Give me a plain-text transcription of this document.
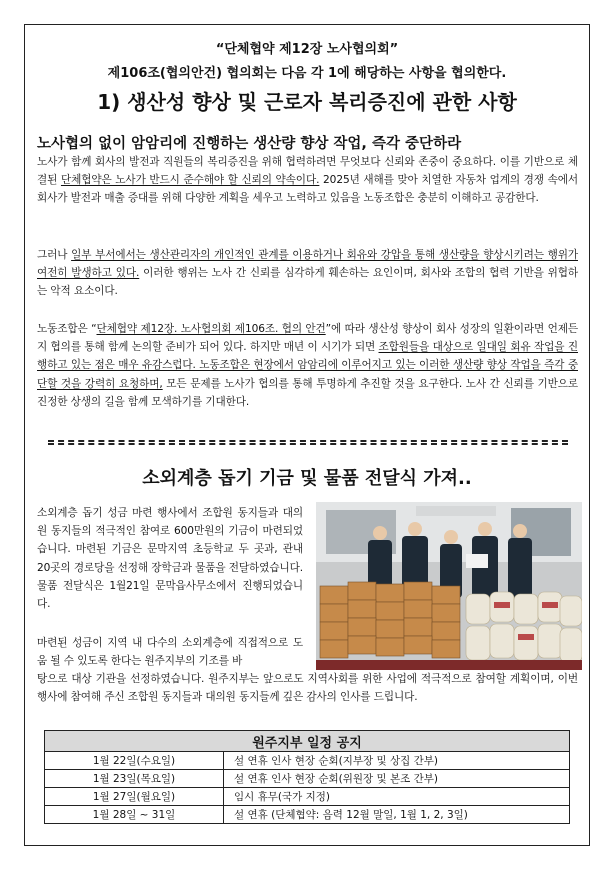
“단체협약 제12장 노사협의회”
제106조(협의안건) 협의회는 다음 각 1에 해당하는 사항을 협의한다.
1) 생산성 향상 및 근로자 복리증진에 관한 사항
노사협의 없이 암암리에 진행하는 생산량 향상 작업, 즉각 중단하라
노사가 함께 회사의 발전과 직원들의 복리증진을 위해 협력하려면 무엇보다 신뢰와 존중이 중요하다. 이를 기반으로 체결된 단체협약은 노사가 반드시 준수해야 할 신뢰의 약속이다. 2025년 새해를 맞아 치열한 자동차 업계의 경쟁 속에서 회사가 발전과 매출 증대를 위해 다양한 계획을 세우고 노력하고 있음을 노동조합은 충분히 이해하고 공감한다.
그러나 일부 부서에서는 생산관리자의 개인적인 관계를 이용하거나 회유와 강압을 통해 생산량을 향상시키려는 행위가 여전히 발생하고 있다. 이러한 행위는 노사 간 신뢰를 심각하게 훼손하는 요인이며, 회사와 조합의 협력 기반을 위협하는 악적 요소이다.
노동조합은 “단체협약 제12장. 노사협의회 제106조. 협의 안건”에 따라 생산성 향상이 회사 성장의 일환이라면 언제든지 협의를 통해 함께 논의할 준비가 되어 있다. 하지만 매년 이 시기가 되면 조합원들을 대상으로 일대일 회유 작업을 진행하고 있는 점은 매우 유감스럽다. 노동조합은 현장에서 암암리에 이루어지고 있는 이러한 생산량 향상 작업을 즉각 중단할 것을 강력히 요청하며, 모든 문제를 노사가 협의를 통해 투명하게 추진할 것을 요구한다. 노사 간 신뢰를 기반으로 진정한 상생의 길을 함께 모색하기를 기대한다.
소외계층 돕기 기금 및 물품 전달식 가져..
소외계층 돕기 성금 마련 행사에서 조합원 동지들과 대의원 동지들의 적극적인 참여로 600만원의 기금이 마련되었습니다. 마련된 기금은 문막지역 초등학교 두 곳과, 관내 20곳의 경로당을 선정해 장학금과 물품을 전달하였습니다. 물품 전달식은 1월21일 문막읍사무소에서 진행되었습니다.
마련된 성금이 지역 내 다수의 소외계층에 직접적으로 도움 될 수 있도록 한다는 원주지부의 기조를 바
탕으로 대상 기관을 선정하였습니다. 원주지부는 앞으로도 지역사회를 위한 사업에 적극적으로 참여할 계획이며, 이번 행사에 참여해 주신 조합원 동지들과 대의원 동지들께 깊은 감사의 인사를 드립니다.
원주지부 일정 공지	
1월 22일(수요일)	설 연휴 인사 현장 순회(지부장 및 상집 간부)
1월 23일(목요일)	설 연휴 인사 현장 순회(위원장 및 본조 간부)
1월 27일(월요일)	임시 휴무(국가 지정)
1월 28일 ~ 31일	설 연휴 (단체협약: 음력 12월 말일, 1월 1, 2, 3일)
